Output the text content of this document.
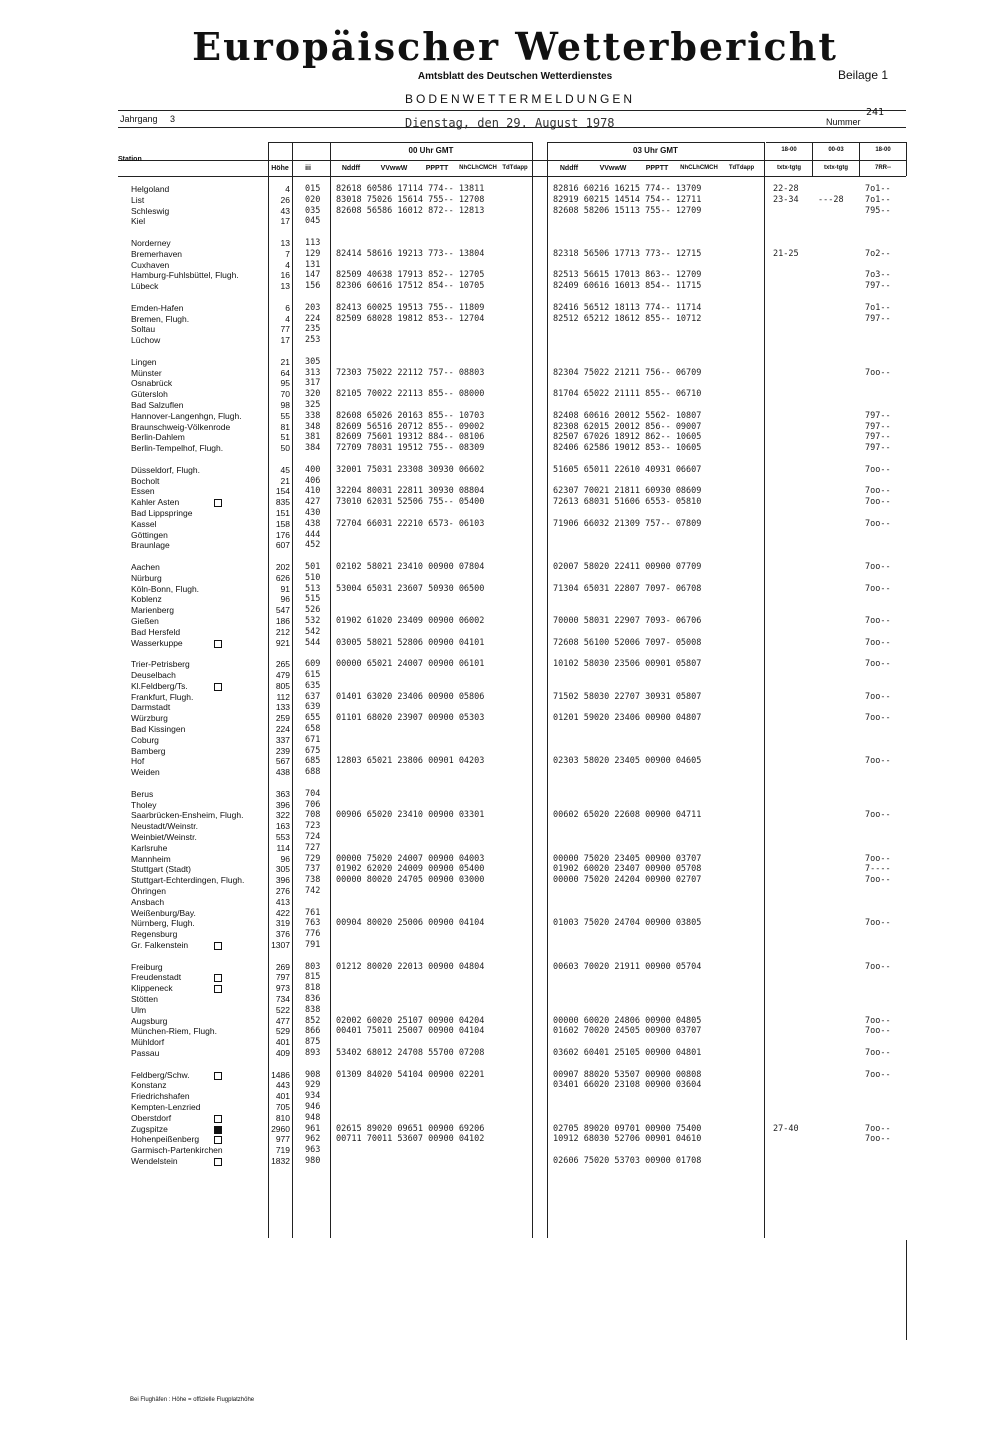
Europäischer Wetterbericht
Amtsblatt des Deutschen Wetterdienstes	Beilage 1
BODENWETTERMELDUNGEN
Jahrgang 3	Dienstag, den 29. August 1978	Nummer
241
Station
Höhe	iii
00 Uhr GMT	03 Uhr GMT
Nddff	VVwwW	PPPTT	NhCLhCMCH TdTdapp	Nddff	VVwwW	PPPTT	NhCLhCMCH	TdTdapp
18-00	00-03	18-00
txtx-tgtg	txtx-tgtg	7RR--
Helgoland	4 015 82618 60586 17114 774-- 13811	82816 60216 16215 774-- 13709	22-28	7o1--
List	26 020 83018 75026 15614 755-- 12708	82919 60215 14514 754-- 12711	23-34 ---28	7o1--
Schleswig	43 035 82608 56586 16012 872-- 12813	82608 58206 15113 755-- 12709	795--
Kiel	17 045
Norderney	13 113
Bremerhaven	7 129 82414 58616 19213 773-- 13804	82318 56506 17713 773-- 12715	21-25	7o2--
Cuxhaven	4 131
Hamburg-Fuhlsbüttel, Flugh.	16 147 82509 40638 17913 852-- 12705	82513 56615 17013 863-- 12709	7o3--
Lübeck	13 156 82306 60616 17512 854-- 10705	82409 60616 16013 854-- 11715	797--
Emden-Hafen	6 203 82413 60025 19513 755-- 11809	82416 56512 18113 774-- 11714	7o1--
Bremen, Flugh.	4 224 82509 68028 19812 853-- 12704	82512 65212 18612 855-- 10712	797--
Soltau	77 235
Lüchow	17 253
Lingen	21 305
Münster	64 313 72303 75022 22112 757-- 08803	82304 75022 21211 756-- 06709	7oo--
Osnabrück	95 317
Gütersloh	70 320 82105 70022 22113 855-- 08000	81704 65022 21111 855-- 06710
Bad Salzuflen	98 325
Hannover-Langenhgn, Flugh.	55 338 82608 65026 20163 855-- 10703	82408 60616 20012 5562- 10807	797--
Braunschweig-Völkenrode	81 348 82609 56516 20712 855-- 09002	82308 62015 20012 856-- 09007	797--
Berlin-Dahlem	51 381 82609 75601 19312 884-- 08106	82507 67026 18912 862-- 10605	797--
Berlin-Tempelhof, Flugh.	50 384 72709 78031 19512 755-- 08309	82406 62586 19012 853-- 10605	797--
Düsseldorf, Flugh.	45 400 32001 75031 23308 30930 06602	51605 65011 22610 40931 06607	7oo--
Bocholt	21 406
Essen	154 410 32204 80031 22811 30930 08804	62307 70021 21811 60930 08609	7oo--
Kahler Asten	835 427 73010 62031 52506 755-- 05400	72613 68031 51606 6553- 05810	7oo--
Bad Lippspringe	151 430
Kassel	158 438 72704 66031 22210 6573- 06103	71906 66032 21309 757-- 07809	7oo--
Göttingen	176 444
Braunlage	607 452
Aachen	202 501 02102 58021 23410 00900 07804	02007 58020 22411 00900 07709	7oo--
Nürburg	626 510
Köln-Bonn, Flugh.	91 513 53004 65031 23607 50930 06500	71304 65031 22807 7097- 06708	7oo--
Koblenz	96 515
Marienberg	547 526
Gießen	186 532 01902 61020 23409 00900 06002	70000 58031 22907 7093- 06706	7oo--
Bad Hersfeld	212 542
Wasserkuppe	921 544 03005 58021 52806 00900 04101	72608 56100 52006 7097- 05008	7oo--
Trier-Petrisberg	265 609 00000 65021 24007 00900 06101	10102 58030 23506 00901 05807	7oo--
Deuselbach	479 615
Kl.Feldberg/Ts.	805 635
Frankfurt, Flugh.	112 637 01401 63020 23406 00900 05806	71502 58030 22707 30931 05807	7oo--
Darmstadt	133 639
Würzburg	259 655 01101 68020 23907 00900 05303	01201 59020 23406 00900 04807	7oo--
Bad Kissingen	224 658
Coburg	337 671
Bamberg	239 675
Hof	567 685 12803 65021 23806 00901 04203	02303 58020 23405 00900 04605	7oo--
Weiden	438 688
Berus	363 704
Tholey	396 706
Saarbrücken-Ensheim, Flugh.	322 708 00906 65020 23410 00900 03301	00602 65020 22608 00900 04711	7oo--
Neustadt/Weinstr.	163 723
Weinbiet/Weinstr.	553 724
Karlsruhe	114 727
Mannheim	96 729 00000 75020 24007 00900 04003	00000 75020 23405 00900 03707	7oo--
Stuttgart (Stadt)	305 737 01902 62020 24009 00900 05400	01902 60020 23407 00900 05708	7----
Stuttgart-Echterdingen, Flugh.	396 738 00000 80020 24705 00900 03000	00000 75020 24204 00900 02707	7oo--
Öhringen	276 742
Ansbach	413
Weißenburg/Bay.	422 761
Nürnberg, Flugh.	319 763 00904 80020 25006 00900 04104	01003 75020 24704 00900 03805	7oo--
Regensburg	376 776
Gr. Falkenstein	1307 791
Freiburg	269 803 01212 80020 22013 00900 04804	00603 70020 21911 00900 05704	7oo--
Freudenstadt	797 815
Klippeneck	973 818
Stötten	734 836
Ulm	522 838
Augsburg	477 852 02002 60020 25107 00900 04204	00000 60020 24806 00900 04805	7oo--
München-Riem, Flugh.	529 866 00401 75011 25007 00900 04104	01602 70020 24505 00900 03707	7oo--
Mühldorf	401 875
Passau	409 893 53402 68012 24708 55700 07208	03602 60401 25105 00900 04801	7oo--
Feldberg/Schw.	1486 908 01309 84020 54104 00900 02201	00907 88020 53507 00900 00808	7oo--
Konstanz	443 929	03401 66020 23108 00900 03604
Friedrichshafen	401 934
Kempten-Lenzried	705 946
Oberstdorf	810 948
Zugspitze	2960 961 02615 89020 09651 00900 69206	02705 89020 09701 00900 75400	27-40	7oo--
Hohenpeißenberg	977 962 00711 70011 53607 00900 04102	10912 68030 52706 00901 04610	7oo--
Garmisch-Partenkirchen	719 963
Wendelstein	1832 980	02606 75020 53703 00900 01708
Bei Flughäfen : Höhe = offizielle Flugplatzhöhe
